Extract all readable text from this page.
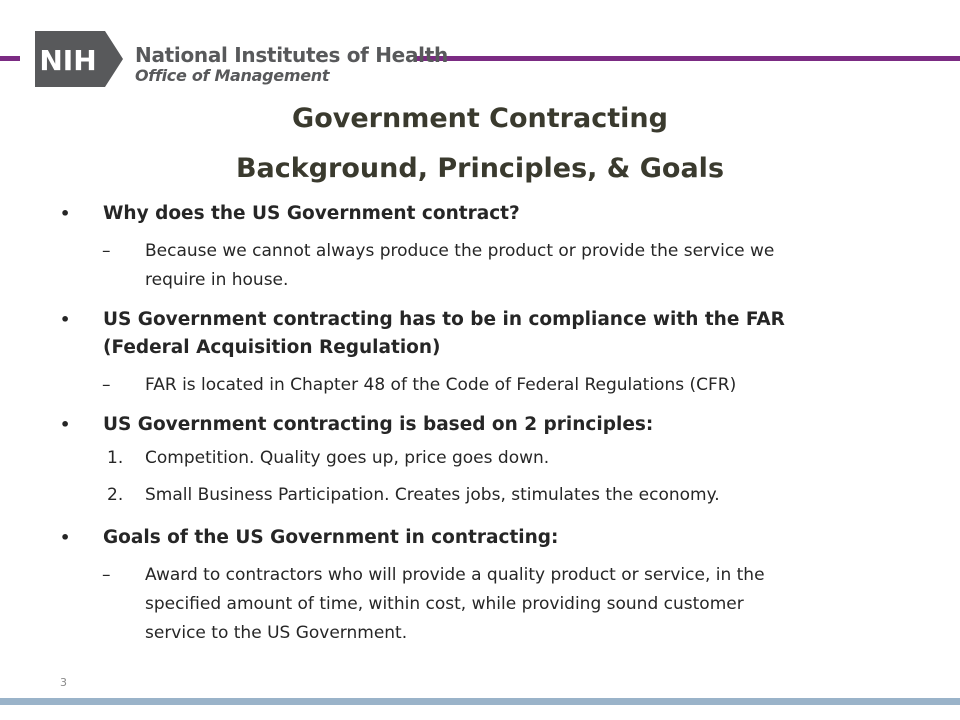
NIH National Institutes of Health
Office of Management
Government Contracting
Background, Principles, & Goals
• Why does the US Government contract?
– Because we cannot always produce the product or provide the service we
require in house.
• US Government contracting has to be in compliance with the FAR
(Federal Acquisition Regulation)
– FAR is located in Chapter 48 of the Code of Federal Regulations (CFR)
• US Government contracting is based on 2 principles:
1. Competition. Quality goes up, price goes down.
2. Small Business Participation. Creates jobs, stimulates the economy.
• Goals of the US Government in contracting:
– Award to contractors who will provide a quality product or service, in the
specified amount of time, within cost, while providing sound customer
service to the US Government.
3
